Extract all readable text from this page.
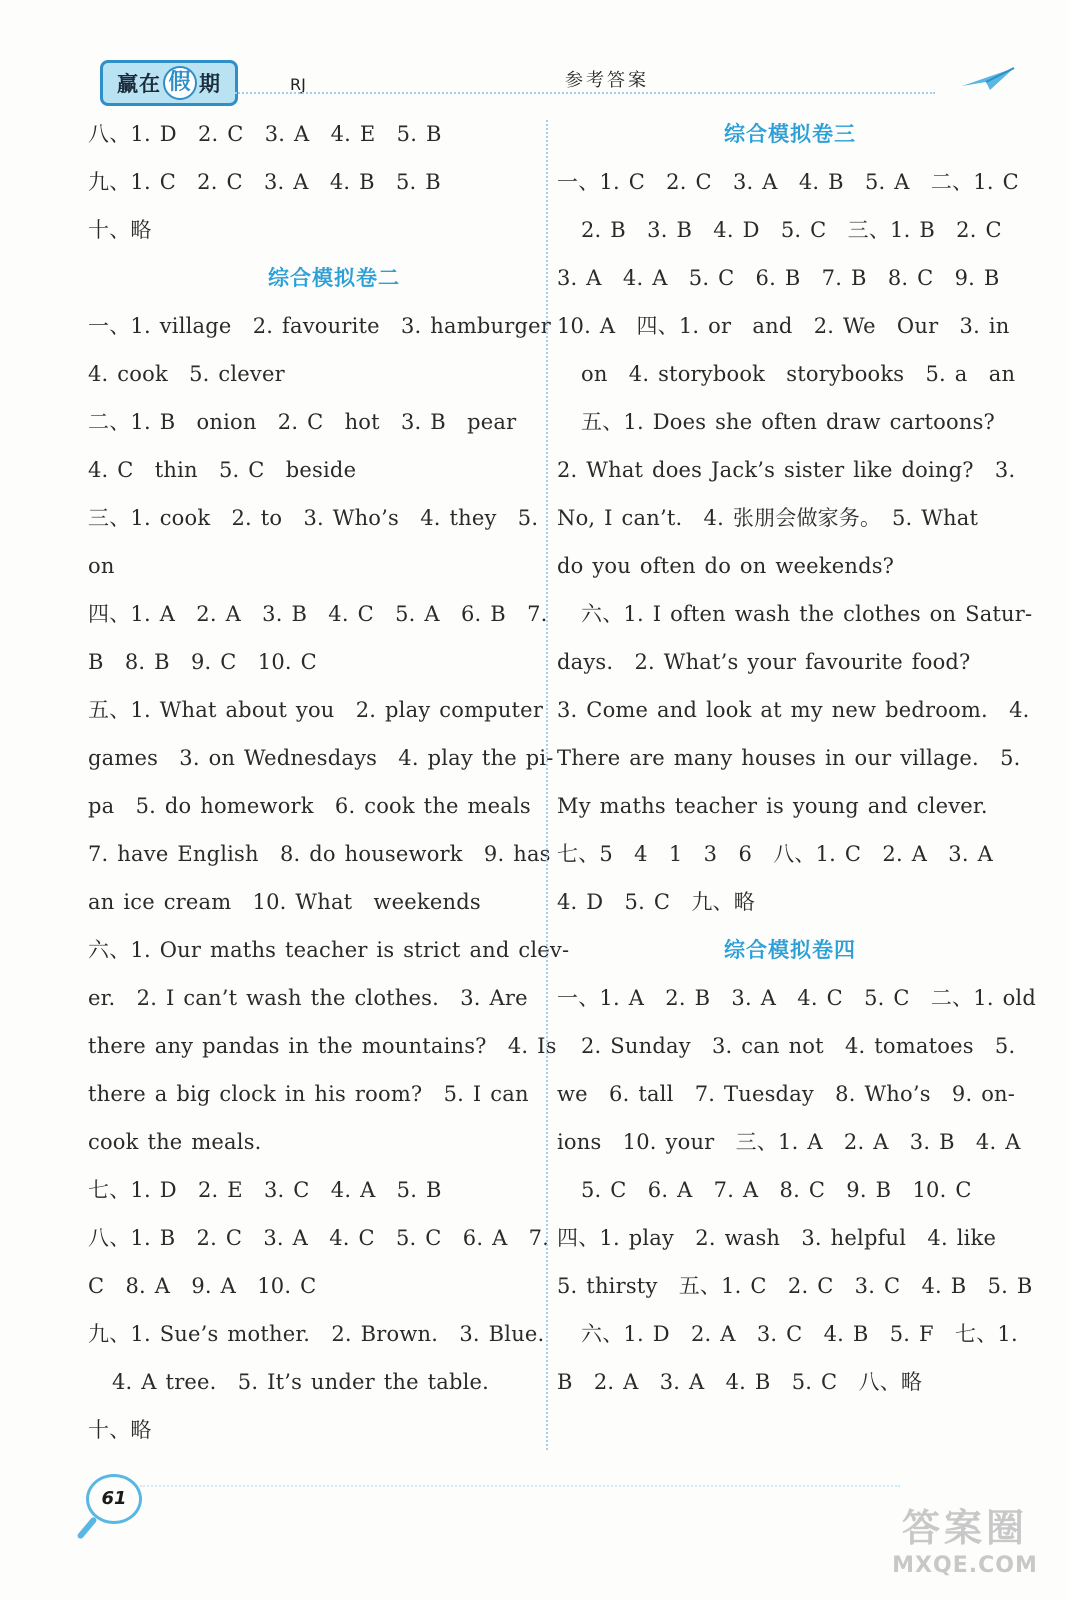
赢在 假 期	RJ	参考答案
八、1. D　2. C　3. A　4. E　5. B
九、1. C　2. C　3. A　4. B　5. B
十、略
综合模拟卷二
一、1. village　2. favourite　3. hamburger
4. cook　5. clever
二、1. B　onion　2. C　hot　3. B　pear
4. C　thin　5. C　beside
三、1. cook　2. to　3. Who’s　4. they　5.
on
四、1. A　2. A　3. B　4. C　5. A　6. B　7.
B　8. B　9. C　10. C
五、1. What about you　2. play computer
games　3. on Wednesdays　4. play the pi-
pa　5. do homework　6. cook the meals
7. have English　8. do housework　9. has
an ice cream　10. What　weekends
六、1. Our maths teacher is strict and clev-
er.　2. I can’t wash the clothes.　3. Are
there any pandas in the mountains?　4. Is
there a big clock in his room?　5. I can
cook the meals.
七、1. D　2. E　3. C　4. A　5. B
八、1. B　2. C　3. A　4. C　5. C　6. A　7.
C　8. A　9. A　10. C
九、1. Sue’s mother.　2. Brown.　3. Blue.
4. A tree.　5. It’s under the table.
十、略
综合模拟卷三
一、1. C　2. C　3. A　4. B　5. A　二、1. C
2. B　3. B　4. D　5. C　三、1. B　2. C
3. A　4. A　5. C　6. B　7. B　8. C　9. B
10. A　四、1. or　and　2. We　Our　3. in
on　4. storybook　storybooks　5. a　an
五、1. Does she often draw cartoons?
2. What does Jack’s sister like doing?　3.
No, I can’t.　4. 张朋会做家务。　5. What
do you often do on weekends?
六、1. I often wash the clothes on Satur-
days.　2. What’s your favourite food?
3. Come and look at my new bedroom.　4.
There are many houses in our village.　5.
My maths teacher is young and clever.
七、5　4　1　3　6　八、1. C　2. A　3. A
4. D　5. C　九、略
综合模拟卷四
一、1. A　2. B　3. A　4. C　5. C　二、1. old
2. Sunday　3. can not　4. tomatoes　5.
we　6. tall　7. Tuesday　8. Who’s　9. on-
ions　10. your　三、1. A　2. A　3. B　4. A
5. C　6. A　7. A　8. C　9. B　10. C
四、1. play　2. wash　3. helpful　4. like
5. thirsty　五、1. C　2. C　3. C　4. B　5. B
六、1. D　2. A　3. C　4. B　5. F　七、1.
B　2. A　3. A　4. B　5. C　八、略
61
答案圈
MXQE.COM
